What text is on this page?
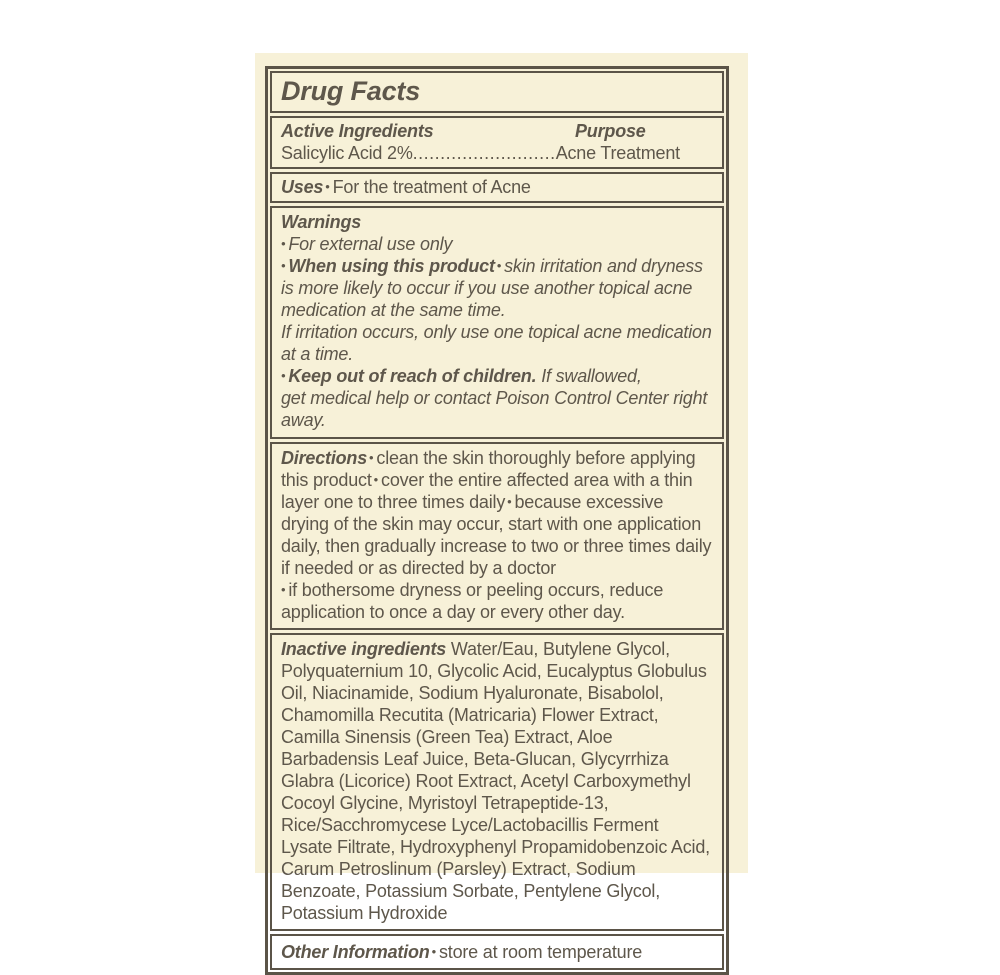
Drug Facts
Active Ingredients	Purpose
Salicylic Acid 2%..........................Acne Treatment
Uses • For the treatment of Acne
Warnings
• For external use only
• When using this product • skin irritation and dryness is more likely to occur if you use another topical acne medication at the same time.
If irritation occurs, only use one topical acne medication at a time.
• Keep out of reach of children. If swallowed,
get medical help or contact Poison Control Center right away.
Directions • clean the skin thoroughly before applying this product • cover the entire affected area with a thin layer one to three times daily • because excessive drying of the skin may occur, start with one application daily, then gradually increase to two or three times daily if needed or as directed by a doctor
• if bothersome dryness or peeling occurs, reduce application to once a day or every other day.
Inactive ingredients Water/Eau, Butylene Glycol, Polyquaternium 10, Glycolic Acid, Eucalyptus Globulus Oil, Niacinamide, Sodium Hyaluronate, Bisabolol, Chamomilla Recutita (Matricaria) Flower Extract, Camilla Sinensis (Green Tea) Extract, Aloe Barbadensis Leaf Juice, Beta-Glucan, Glycyrrhiza Glabra (Licorice) Root Extract, Acetyl Carboxymethyl Cocoyl Glycine, Myristoyl Tetrapeptide-13, Rice/Sacchromycese Lyce/Lactobacillis Ferment Lysate Filtrate, Hydroxyphenyl Propamidobenzoic Acid, Carum Petroslinum (Parsley) Extract, Sodium Benzoate, Potassium Sorbate, Pentylene Glycol, Potassium Hydroxide
Other Information • store at room temperature
